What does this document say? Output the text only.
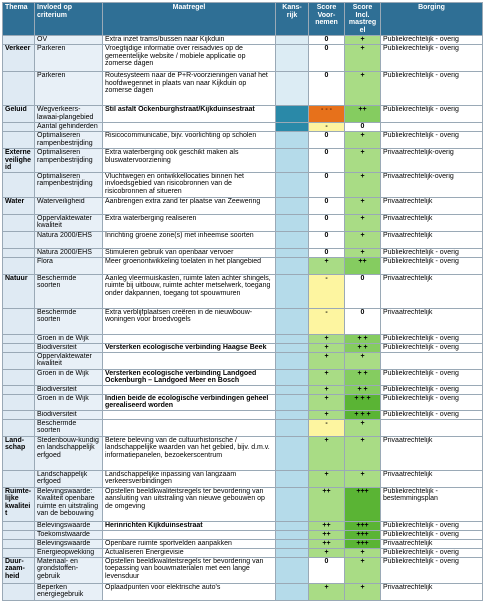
Thema	Invloed op criterium	Maatregel	Kans-rijk	Score Voor-nemen	Score Incl. mastreg el	Borging
	OV	Extra inzet trams/bussen naar Kijkduin		0	+	Publiekrechtelijk - overig
Verkeer	Parkeren	Vroegtijdige informatie over reisadvies op de gemeentelijke website / mobiele applicatie op zomerse dagen		0	+	Publiekrechtelijk - overig
	Parkeren	Routesysteem naar de P+R-voorzieningen vanaf het hoofdwegennet in plaats van naar Kijkduin op zomerse dagen		0	+	Publiekrechtelijk - overig
Geluid	Wegverkeers-lawaai-plangebied	Stil asfalt Ockenburghstraat/Kijkduinsestraat		- - -	++	Publiekrechtelijk - overig
	Aantal gehinderden			-	0	
	Optimaliseren rampenbestrijding	Risicocommunicatie, bijv. voorlichting op scholen		0	+	Publiekrechtelijk - overig
Externe veiligheid	Optimaliseren rampenbestrijding	Extra waterberging ook geschikt maken als bluswatervoorziening		0	+	Privaatrechtelijk-overig
	Optimaliseren rampenbestrijding	Vluchtwegen en ontwikkellocaties binnen het invloedsgebied van risicobronnen van de risicobronnen af situeren		0	+	Privaatrechtelijk-overig
Water	Waterveiligheid	Aanbrengen extra zand ter plaatse van Zeewering		0	+	Privaatrechtelijk
	Oppervlaktewater kwaliteit	Extra waterberging realiseren		0	+	Privaatrechtelijk
	Natura 2000/EHS	Inrichting groene zone(s) met inheemse soorten		0	+	Privaatrechtelijk
	Natura 2000/EHS	Stimuleren gebruik van openbaar vervoer		0	+	Publiekrechtelijk - overig
	Flora	Meer groenontwikkeling toelaten in het plangebied		+	++	Publiekrechtelijk - overig
Natuur	Beschermde soorten	Aanleg vleermuiskasten, ruimte laten achter shingels, ruimte bij uitbouw, ruimte achter metselwerk, toegang onder dakpannen, toegang tot spouwmuren		-	0	Privaatrechtelijk
	Beschermde soorten	Extra verblijfplaatsen creëren in de nieuwbouw-woningen voor broedvogels		-	0	Privaatrechtelijk
	Groen in de Wijk			+	+ +	Publiekrechtelijk - overig
	Biodiversiteit	Versterken ecologische verbinding Haagse Beek		+	+ +	Publiekrechtelijk - overig
	Oppervlaktewater kwaliteit			+	+	
	Groen in de Wijk	Versterken ecologische verbinding Landgoed Ockenburgh – Landgoed Meer en Bosch		+	+ +	Publiekrechtelijk - overig
	Biodiversiteit			+	+ +	Publiekrechtelijk - overig
	Groen in de Wijk	Indien beide de ecologische verbindingen geheel gerealiseerd worden		+	+ + +	Publiekrechtelijk - overig
	Biodiversiteit			+	+ + +	Publiekrechtelijk - overig
	Beschermde soorten			-	+	
Land-schap	Stedenbouw-kundig en landschappelijk erfgoed	Betere beleving van de cultuurhistorische / landschappelijke waarden van het gebied, bijv. d.m.v. informatiepanelen, bezoekerscentrum		+	+	Privaatrechtelijk
	Landschappelijk erfgoed	Landschappelijke inpassing van langzaam verkeersverbindingen		+	+	Privaatrechtelijk
Ruimte-lijke kwaliteit	Belevingswaarde: Kwaliteit openbare ruimte en uitstraling van de bebouwing	Opstellen beeldkwaliteitsregels ter bevordering van aansluiting van uitstraling van nieuwe gebouwen op de omgeving		++	+++	Publiekrechtelijk - bestemmingsplan
	Belevingswaarde	Herinrichten Kijkduinsestraat		++	+++	Publiekrechtelijk - overig
	Toekomstwaarde			++	+++	Publiekrechtelijk - overig
	Belevingswaarde	Openbare ruimte sportvelden aanpakken		++	+++	Privaatrechtelijk
	Energieopwekking	Actualiseren Energievisie		+	+	Publiekrechtelijk - overig
Duur-zaam-heid	Materiaal- en grondstoffen-gebruik	Opstellen beeldkwaliteitsregels ter bevordering van toepassing van bouwmaterialen met een lange levensduur		0	+	Publiekrechtelijk - overig
	Beperken energiegebruik	Oplaadpunten voor elektrische auto's		+	+	Privaatrechtelijk
